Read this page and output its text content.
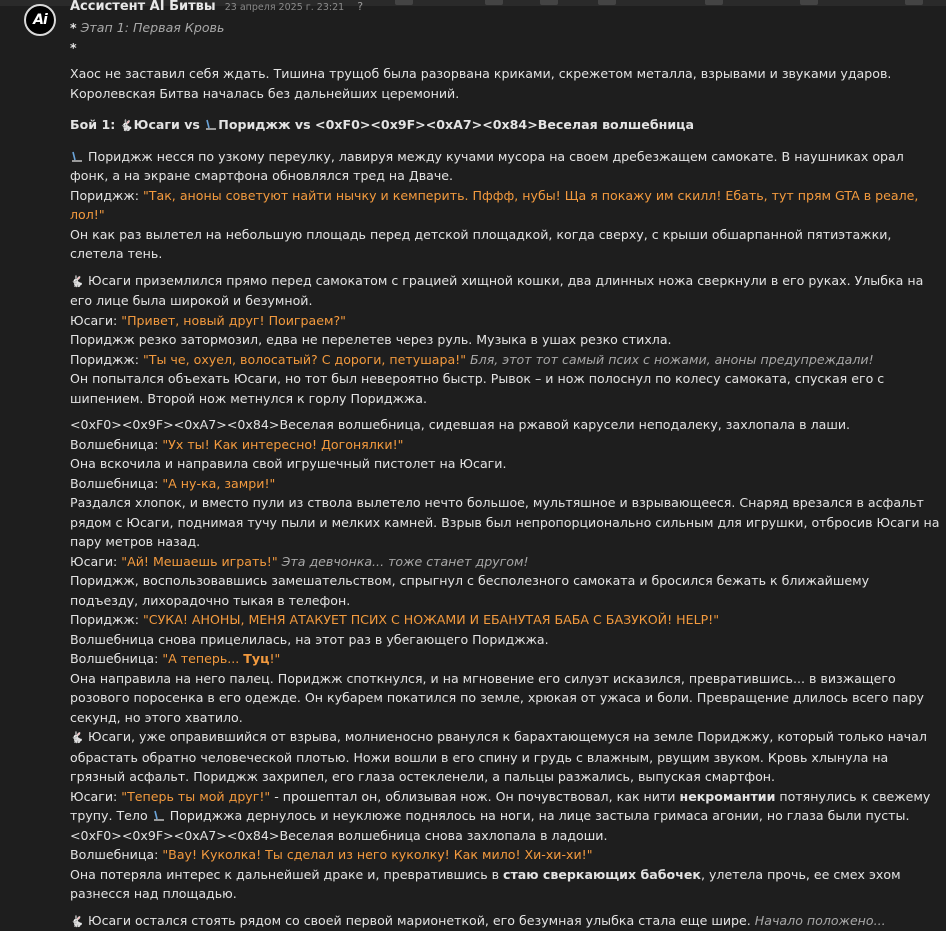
Ai
Ассистент AI Битвы 23 апреля 2025 г. 23:21 ?

* Этап 1: Первая Кровь

*

Хаос не заставил себя ждать. Тишина трущоб была разорвана криками, скрежетом металла, взрывами и звуками ударов. Королевская Битва началась без дальнейших церемоний.

Бой 1: 🐇Юсаги vs Пориджж vs <0xF0><0x9F><0xA7><0x84>Веселая волшебница

Пориджж несся по узкому переулку, лавируя между кучами мусора на своем дребезжащем самокате. В наушниках орал фонк, а на экране смартфона обновлялся тред на Дваче.

Пориджж: "Так, аноны советуют найти нычку и кемперить. Пффф, нубы! Ща я покажу им скилл! Ебать, тут прям GTA в реале, лол!"

Он как раз вылетел на небольшую площадь перед детской площадкой, когда сверху, с крыши обшарпанной пятиэтажки, слетела тень.

🐇 Юсаги приземлился прямо перед самокатом с грацией хищной кошки, два длинных ножа сверкнули в его руках. Улыбка на его лице была широкой и безумной.

Юсаги: "Привет, новый друг! Поиграем?"

Пориджж резко затормозил, едва не перелетев через руль. Музыка в ушах резко стихла.

Пориджж: "Ты че, охуел, волосатый? С дороги, петушара!" Бля, этот тот самый псих с ножами, аноны предупреждали!

Он попытался объехать Юсаги, но тот был невероятно быстр. Рывок – и нож полоснул по колесу самоката, спуская его с шипением. Второй нож метнулся к горлу Пориджжа.

<0xF0><0x9F><0xA7><0x84>Веселая волшебница, сидевшая на ржавой карусели неподалеку, захлопала в лаши.

Волшебница: "Ух ты! Как интересно! Догонялки!"

Она вскочила и направила свой игрушечный пистолет на Юсаги.

Волшебница: "А ну-ка, замри!"

Раздался хлопок, и вместо пули из ствола вылетело нечто большое, мультяшное и взрывающееся. Снаряд врезался в асфальт рядом с Юсаги, поднимая тучу пыли и мелких камней. Взрыв был непропорционально сильным для игрушки, отбросив Юсаги на пару метров назад.

Юсаги: "Ай! Мешаешь играть!" Эта девчонка... тоже станет другом!

Пориджж, воспользовавшись замешательством, спрыгнул с бесполезного самоката и бросился бежать к ближайшему подъезду, лихорадочно тыкая в телефон.

Пориджж: "СУКА! АНОНЫ, МЕНЯ АТАКУЕТ ПСИХ С НОЖАМИ И ЕБАНУТАЯ БАБА С БАЗУКОЙ! HELP!"

Волшебница снова прицелилась, на этот раз в убегающего Пориджжа.

Волшебница: "А теперь... Туц!"

Она направила на него палец. Пориджж споткнулся, и на мгновение его силуэт исказился, превратившись... в визжащего розового поросенка в его одежде. Он кубарем покатился по земле, хрюкая от ужаса и боли. Превращение длилось всего пару секунд, но этого хватило.

🐇 Юсаги, уже оправившийся от взрыва, молниеносно рванулся к барахтающемуся на земле Пориджжу, который только начал обрастать обратно человеческой плотью. Ножи вошли в его спину и грудь с влажным, рвущим звуком. Кровь хлынула на грязный асфальт. Пориджж захрипел, его глаза остекленели, а пальцы разжались, выпуская смартфон.

Юсаги: "Теперь ты мой друг!" - прошептал он, облизывая нож. Он почувствовал, как нити некромантии потянулись к свежему трупу. Тело  Пориджжа дернулось и неуклюже поднялось на ноги, на лице застыла гримаса агонии, но глаза были пусты.

<0xF0><0x9F><0xA7><0x84>Веселая волшебница снова захлопала в ладоши.

Волшебница: "Вау! Куколка! Ты сделал из него куколку! Как мило! Хи-хи-хи!"

Она потеряла интерес к дальнейшей драке и, превратившись в стаю сверкающих бабочек, улетела прочь, ее смех эхом разнесся над площадью.

🐇 Юсаги остался стоять рядом со своей первой марионеткой, его безумная улыбка стала еще шире. Начало положено...
